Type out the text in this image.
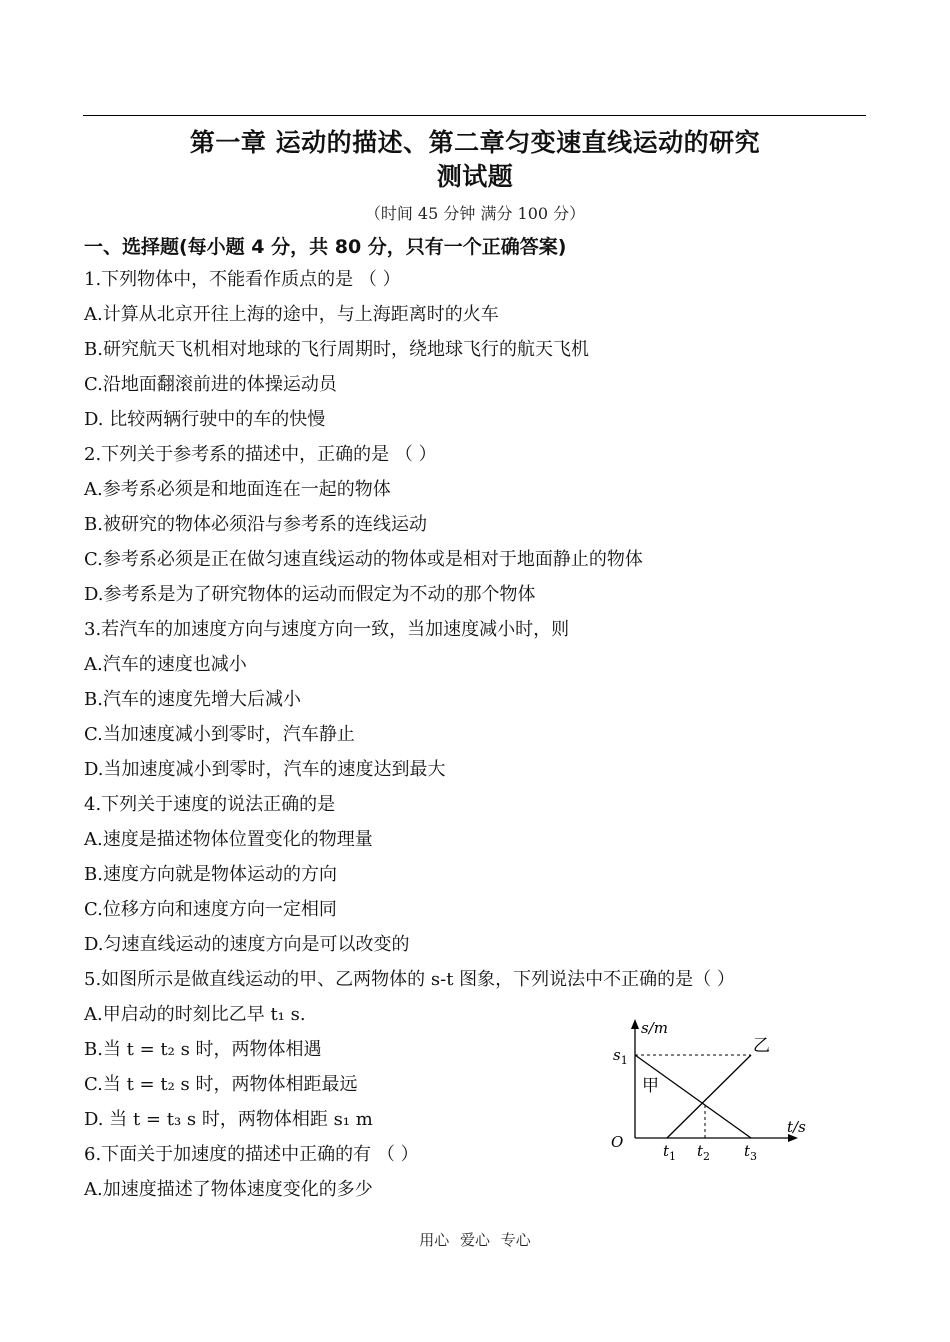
第一章 运动的描述、第二章匀变速直线运动的研究
测试题
（时间 45 分钟 满分 100 分）
一、选择题(每小题 4 分，共 80 分，只有一个正确答案)
1.下列物体中，不能看作质点的是 （ ）
A.计算从北京开往上海的途中，与上海距离时的火车
B.研究航天飞机相对地球的飞行周期时，绕地球飞行的航天飞机
C.沿地面翻滚前进的体操运动员
D. 比较两辆行驶中的车的快慢
2.下列关于参考系的描述中，正确的是 （ ）
A.参考系必须是和地面连在一起的物体
B.被研究的物体必须沿与参考系的连线运动
C.参考系必须是正在做匀速直线运动的物体或是相对于地面静止的物体
D.参考系是为了研究物体的运动而假定为不动的那个物体
3.若汽车的加速度方向与速度方向一致，当加速度减小时，则
A.汽车的速度也减小
B.汽车的速度先增大后减小
C.当加速度减小到零时，汽车静止
D.当加速度减小到零时，汽车的速度达到最大
4.下列关于速度的说法正确的是
A.速度是描述物体位置变化的物理量
B.速度方向就是物体运动的方向
C.位移方向和速度方向一定相同
D.匀速直线运动的速度方向是可以改变的
5.如图所示是做直线运动的甲、乙两物体的 s-t 图象，下列说法中不正确的是（ ）
A.甲启动的时刻比乙早 t₁ s.
B.当 t = t₂ s 时，两物体相遇
C.当 t = t₂ s 时，两物体相距最远
D. 当 t = t₃ s 时，两物体相距 s₁ m
6.下面关于加速度的描述中正确的有 （ ）
A.加速度描述了物体速度变化的多少
s/m
t/s
O
$s_1$
$t_1$ $t_2$ $t_3$
甲
乙
用心 爱心 专心
